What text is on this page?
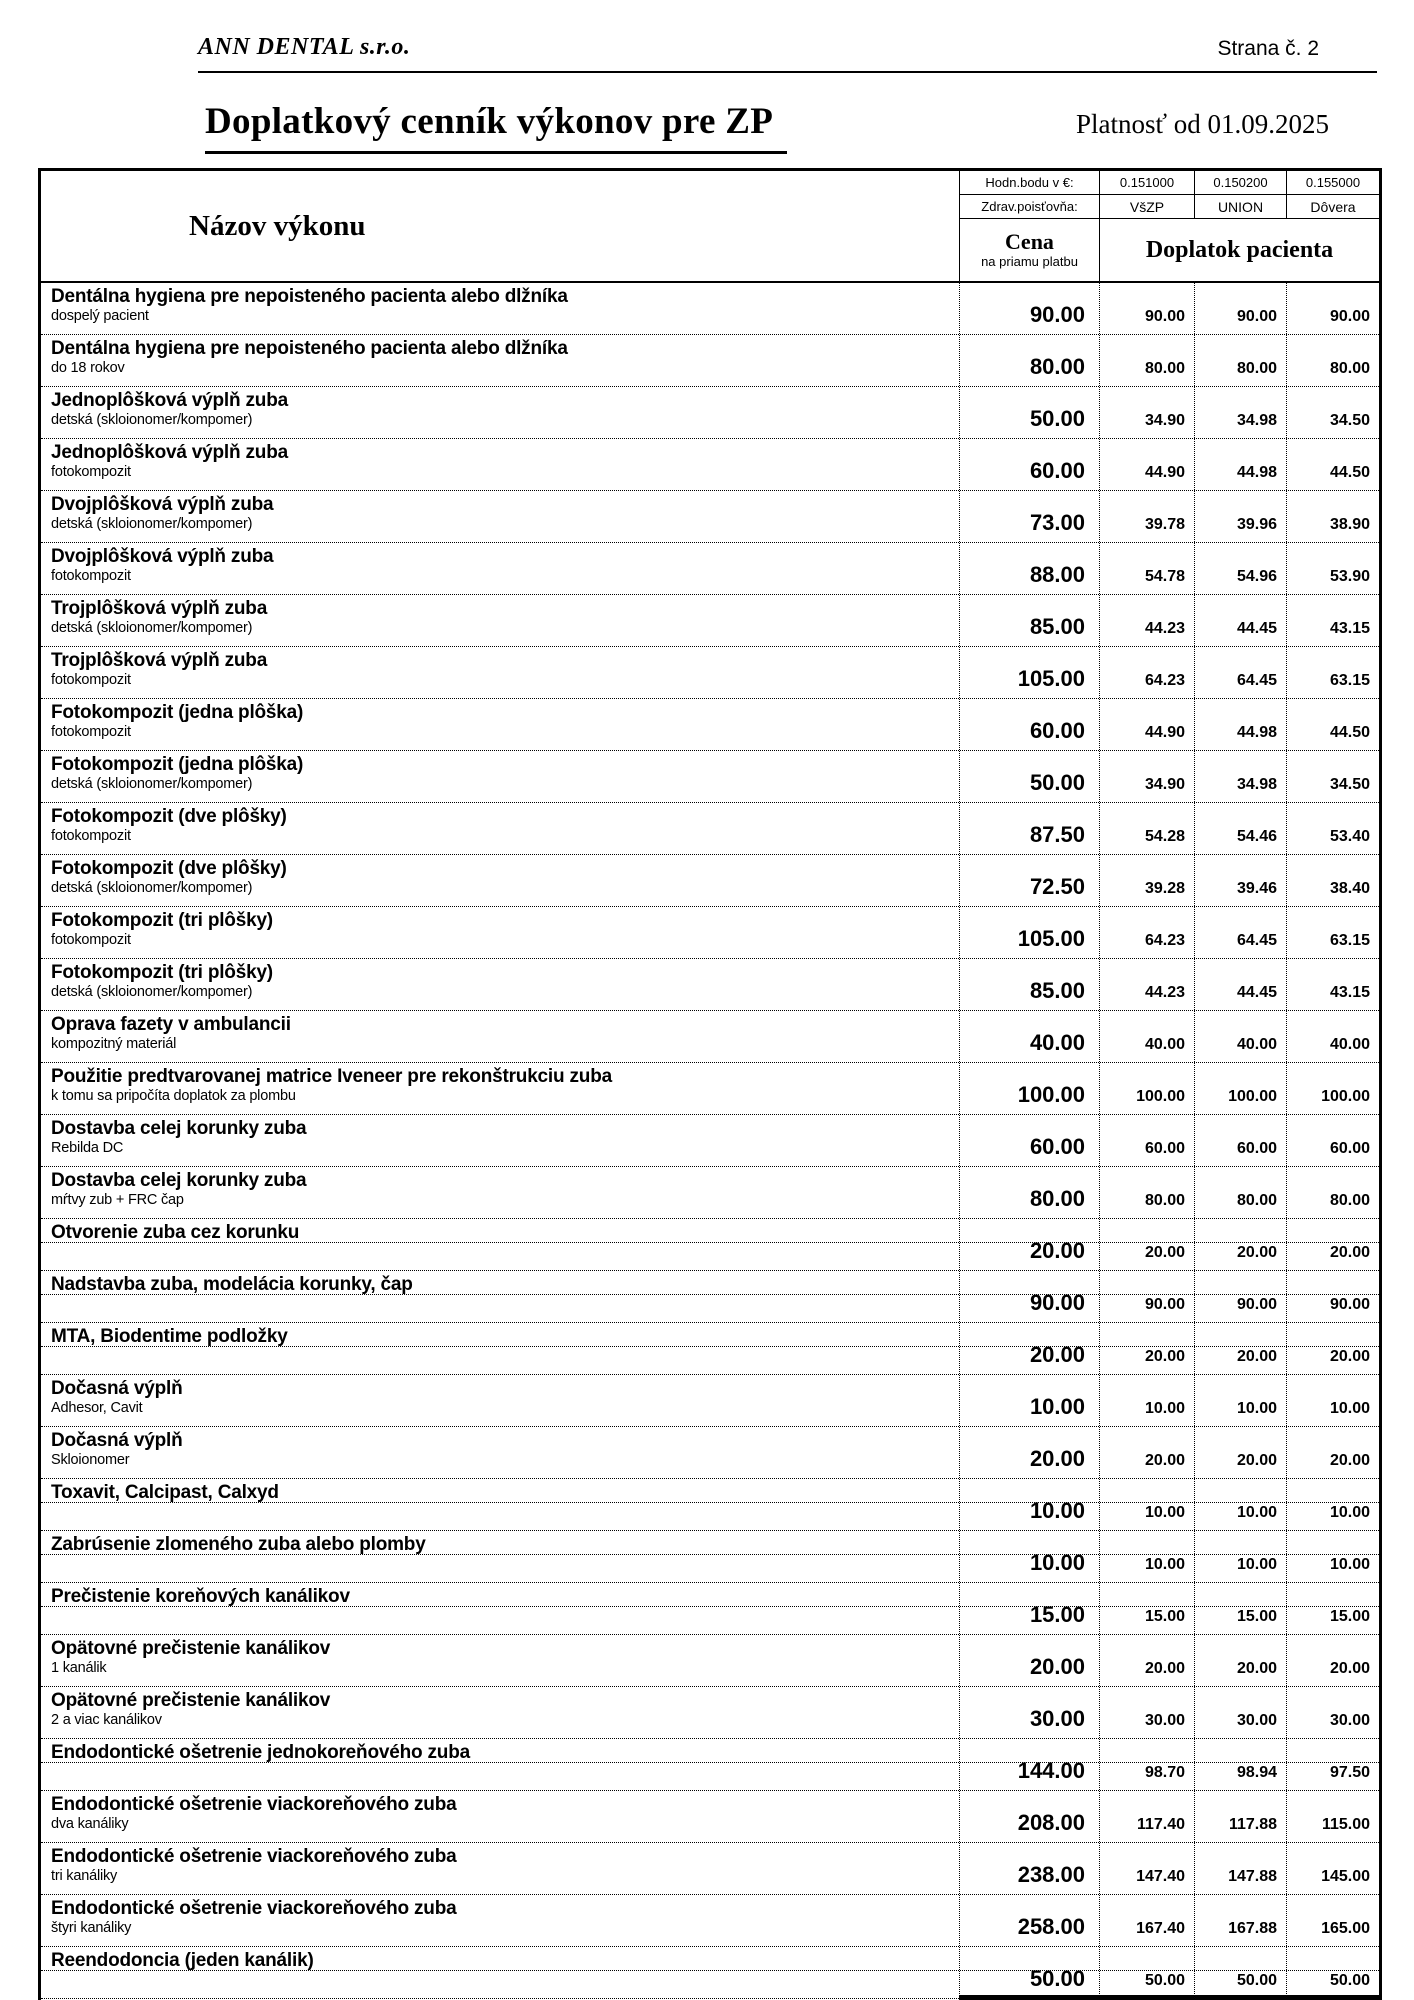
ANN DENTAL s.r.o.	Strana č. 2
Doplatkový cenník výkonov pre ZP	Platnosť od 01.09.2025
Názov výkonu
Hodn.bodu v €:	0.151000	0.150200	0.155000
Zdrav.poisťovňa:	VšZP	UNION	Dôvera
Cena
na priamu platbu	Doplatok pacienta
Dentálna hygiena pre nepoisteného pacienta alebo dlžníka
dospelý pacient	90.00	90.00	90.00	90.00
Dentálna hygiena pre nepoisteného pacienta alebo dlžníka
do 18 rokov	80.00	80.00	80.00	80.00
Jednoplôšková výplň zuba
detská (skloionomer/kompomer)	50.00	34.90	34.98	34.50
Jednoplôšková výplň zuba
fotokompozit	60.00	44.90	44.98	44.50
Dvojplôšková výplň zuba
detská (skloionomer/kompomer)	73.00	39.78	39.96	38.90
Dvojplôšková výplň zuba
fotokompozit	88.00	54.78	54.96	53.90
Trojplôšková výplň zuba
detská (skloionomer/kompomer)	85.00	44.23	44.45	43.15
Trojplôšková výplň zuba
fotokompozit	105.00	64.23	64.45	63.15
Fotokompozit (jedna plôška)
fotokompozit	60.00	44.90	44.98	44.50
Fotokompozit (jedna plôška)
detská (skloionomer/kompomer)	50.00	34.90	34.98	34.50
Fotokompozit (dve plôšky)
fotokompozit	87.50	54.28	54.46	53.40
Fotokompozit (dve plôšky)
detská (skloionomer/kompomer)	72.50	39.28	39.46	38.40
Fotokompozit (tri plôšky)
fotokompozit	105.00	64.23	64.45	63.15
Fotokompozit (tri plôšky)
detská (skloionomer/kompomer)	85.00	44.23	44.45	43.15
Oprava fazety v ambulancii
kompozitný materiál	40.00	40.00	40.00	40.00
Použitie predtvarovanej matrice Iveneer pre rekonštrukciu zuba
k tomu sa pripočíta doplatok za plombu	100.00	100.00	100.00	100.00
Dostavba celej korunky zuba
Rebilda DC	60.00	60.00	60.00	60.00
Dostavba celej korunky zuba
mŕtvy zub + FRC čap	80.00	80.00	80.00	80.00
Otvorenie zuba cez korunku
20.00	20.00	20.00	20.00
Nadstavba zuba, modelácia korunky, čap
90.00	90.00	90.00	90.00
MTA, Biodentime podložky
20.00	20.00	20.00	20.00
Dočasná výplň
Adhesor, Cavit	10.00	10.00	10.00	10.00
Dočasná výplň
Skloionomer	20.00	20.00	20.00	20.00
Toxavit, Calcipast, Calxyd
10.00	10.00	10.00	10.00
Zabrúsenie zlomeného zuba alebo plomby
10.00	10.00	10.00	10.00
Prečistenie koreňových kanálikov
15.00	15.00	15.00	15.00
Opätovné prečistenie kanálikov
1 kanálik	20.00	20.00	20.00	20.00
Opätovné prečistenie kanálikov
2 a viac kanálikov	30.00	30.00	30.00	30.00
Endodontické ošetrenie jednokoreňového zuba
144.00	98.70	98.94	97.50
Endodontické ošetrenie viackoreňového zuba
dva kanáliky	208.00	117.40	117.88	115.00
Endodontické ošetrenie viackoreňového zuba
tri kanáliky	238.00	147.40	147.88	145.00
Endodontické ošetrenie viackoreňového zuba
štyri kanáliky	258.00	167.40	167.88	165.00
Reendodoncia (jeden kanálik)
50.00	50.00	50.00	50.00
